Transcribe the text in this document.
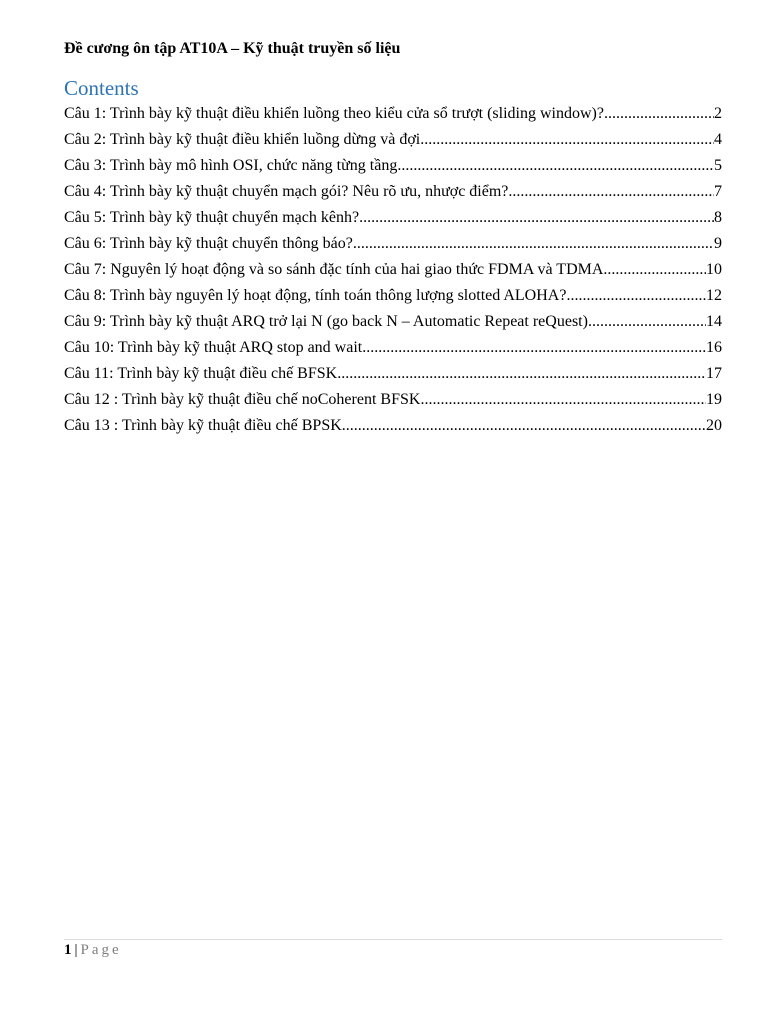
Đề cương ôn tập AT10A – Kỹ thuật truyền số liệu
Contents
Câu 1: Trình bày kỹ thuật điều khiển luồng theo kiểu cửa sổ trượt (sliding window)? .....	2
Câu 2: Trình bày kỹ thuật điều khiển luồng dừng và đợi .....	4
Câu 3: Trình bày mô hình OSI, chức năng từng tầng .....	5
Câu 4: Trình bày kỹ thuật chuyển mạch gói? Nêu rõ ưu, nhược điểm? .....	7
Câu 5: Trình bày kỹ thuật chuyển mạch kênh? .....	8
Câu 6: Trình bày kỹ thuật chuyển thông báo? .....	9
Câu 7: Nguyên lý hoạt động và so sánh đặc tính của hai giao thức FDMA và TDMA .....	10
Câu 8: Trình bày nguyên lý hoạt động, tính toán thông lượng slotted ALOHA? .....	12
Câu 9: Trình bày kỹ thuật ARQ trở lại N (go back N – Automatic Repeat reQuest) .....	14
Câu 10: Trình bày kỹ thuật ARQ stop and wait .....	16
Câu 11: Trình bày kỹ thuật điều chế BFSK .....	17
Câu 12 : Trình bày kỹ thuật điều chế noCoherent BFSK .....	19
Câu 13 : Trình bày kỹ thuật điều chế BPSK .....	20
1 | Page
